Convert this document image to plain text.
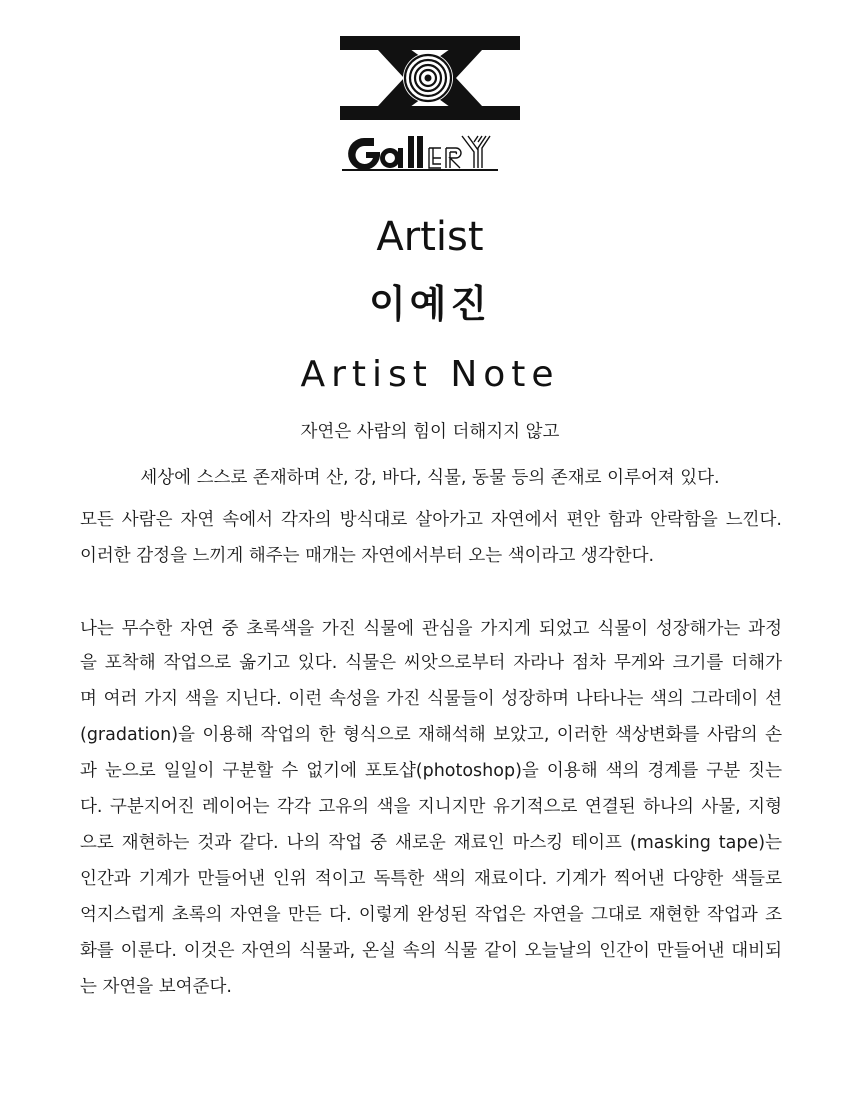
Artist
이예진
Artist Note

자연은 사람의 힘이 더해지지 않고

세상에 스스로 존재하며 산, 강, 바다, 식물, 동물 등의 존재로 이루어져 있다.

모든 사람은 자연 속에서 각자의 방식대로 살아가고 자연에서 편안 함과 안락함을 느낀다.

이러한 감정을 느끼게 해주는 매개는 자연에서부터 오는 색이라고 생각한다.

나는 무수한 자연 중 초록색을 가진 식물에 관심을 가지게 되었고 식물이 성장해가는 과정

을 포착해 작업으로 옮기고 있다. 식물은 씨앗으로부터 자라나 점차 무게와 크기를 더해가

며 여러 가지 색을 지닌다. 이런 속성을 가진 식물들이 성장하며 나타나는 색의 그라데이 션

(gradation)을 이용해 작업의 한 형식으로 재해석해 보았고, 이러한 색상변화를 사람의 손

과 눈으로 일일이 구분할 수 없기에 포토샵(photoshop)을 이용해 색의 경계를 구분 짓는

다. 구분지어진 레이어는 각각 고유의 색을 지니지만 유기적으로 연결된 하나의 사물, 지형

으로 재현하는 것과 같다. 나의 작업 중 새로운 재료인 마스킹 테이프 (masking tape)는

인간과 기계가 만들어낸 인위 적이고 독특한 색의 재료이다. 기계가 찍어낸 다양한 색들로

억지스럽게 초록의 자연을 만든 다. 이렇게 완성된 작업은 자연을 그대로 재현한 작업과 조

화를 이룬다. 이것은 자연의 식물과, 온실 속의 식물 같이 오늘날의 인간이 만들어낸 대비되

는 자연을 보여준다.
